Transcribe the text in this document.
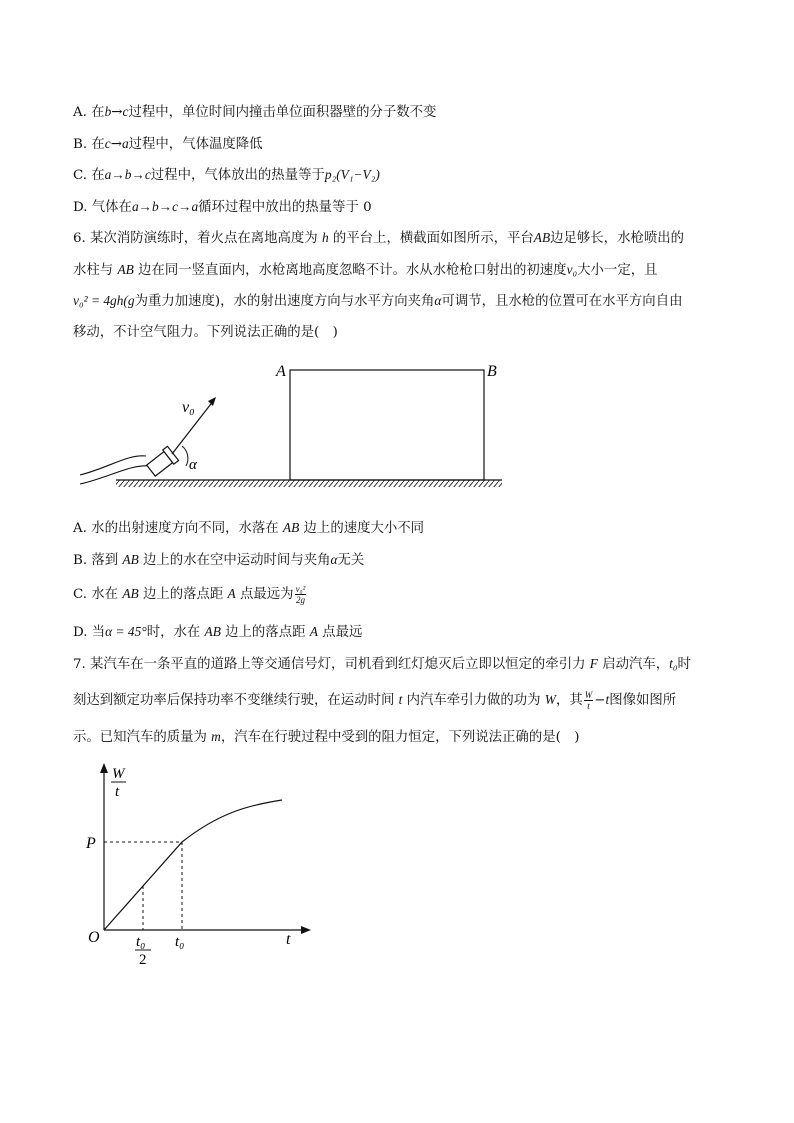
A. 在b→c过程中，单位时间内撞击单位面积器壁的分子数不变
B. 在c→a过程中，气体温度降低
C. 在a→b→c过程中，气体放出的热量等于p₂(V₁−V₂)
D. 气体在a→b→c→a循环过程中放出的热量等于 0
6. 某次消防演练时，着火点在离地高度为 h 的平台上，横截面如图所示，平台AB边足够长，水枪喷出的
水柱与 AB 边在同一竖直面内，水枪离地高度忽略不计。水从水枪枪口射出的初速度v₀大小一定，且
v₀² = 4gh(g为重力加速度)，水的射出速度方向与水平方向夹角α可调节，且水枪的位置可在水平方向自由
移动，不计空气阻力。下列说法正确的是(　)
A	B
v₀
α
A. 水的出射速度方向不同，水落在 AB 边上的速度大小不同
B. 落到 AB 边上的水在空中运动时间与夹角α无关
C. 水在 AB 边上的落点距 A 点最远为 $\frac{\text{v₀²}}{2g}$
D. 当α = 45°时，水在 AB 边上的落点距 A 点最远
7. 某汽车在一条平直的道路上等交通信号灯，司机看到红灯熄灭后立即以恒定的牵引力 F 启动汽车，t₀时
刻达到额定功率后保持功率不变继续行驶，在运动时间 t 内汽车牵引力做的功为 W，其 $\frac{W}{t} -t$图像如图所
示。已知汽车的质量为 m，汽车在行驶过程中受到的阻力恒定，下列说法正确的是(　)
W
t
P
O	t
t₀
t₀
2
